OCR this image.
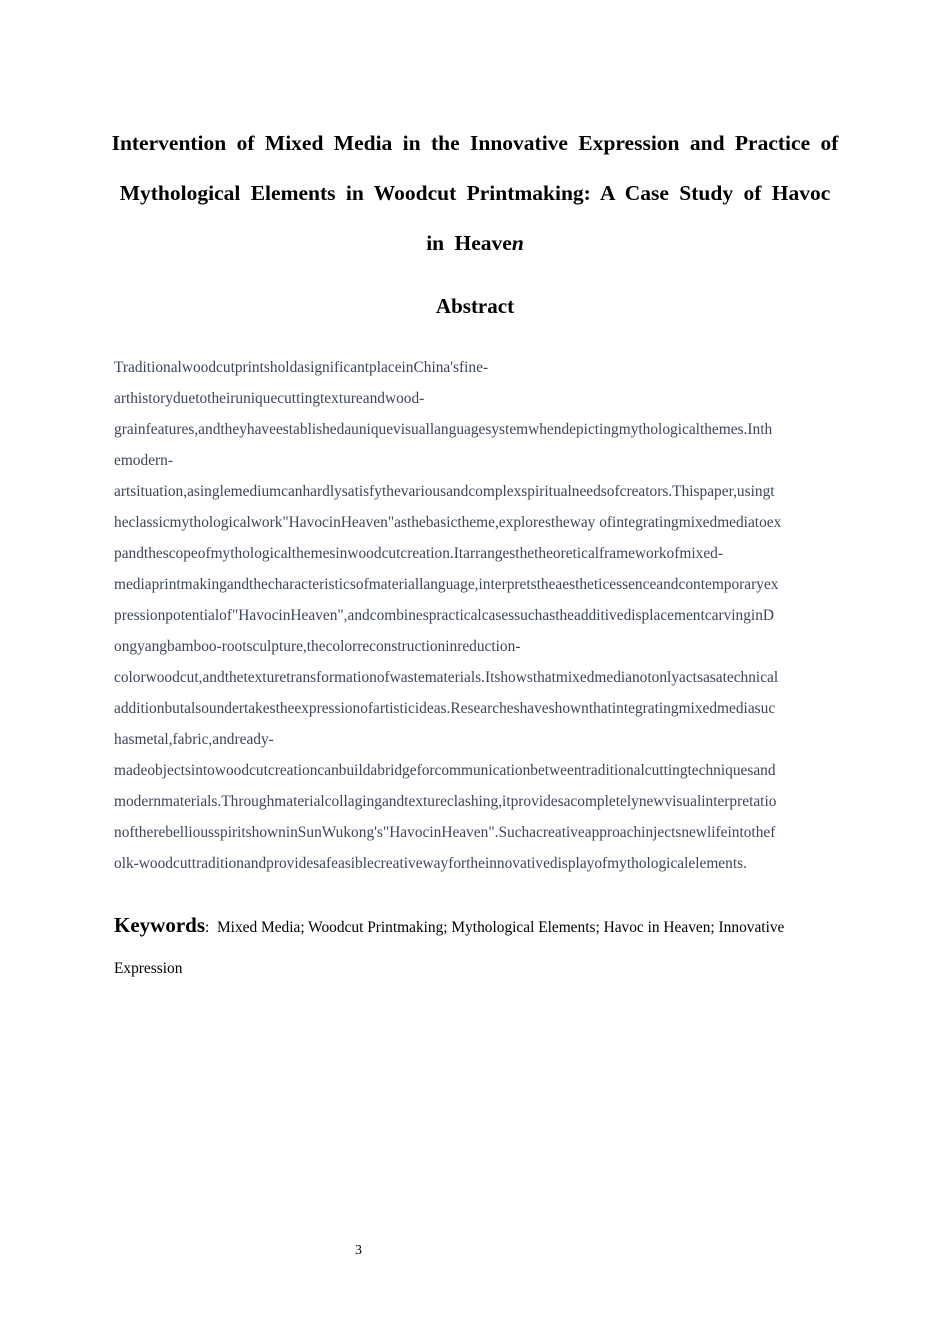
Intervention of Mixed Media in the Innovative Expression and Practice of Mythological Elements in Woodcut Printmaking: A Case Study of Havoc in Heaven
Abstract
TraditionalwoodcutprintsholdasignificantplaceinChina'sfine-
arthistoryduetotheiruniquecuttingtextureandwood-
grainfeatures,andtheyhaveestablishedauniquevisuallanguagesystemwhendepictingmythologicalthemes.Inth
emodern-
artsituation,asinglemediumcanhardlysatisfythevariousandcomplexspiritualneedsofcreators.Thispaper,usingt
heclassicmythologicalwork"HavocinHeaven"asthebasictheme,explorestheway ofintegratingmixedmediatoex
pandthescopeofmythologicalthemesinwoodcutcreation.Itarrangesthetheoreticalframeworkofmixed-
mediaprintmakingandthecharacteristicsofmateriallanguage,interpretstheaestheticessenceandcontemporaryex
pressionpotentialof"HavocinHeaven",andcombinespracticalcasessuchastheadditivedisplacementcarvinginD
ongyangbamboo-rootsculpture,thecolorreconstructioninreduction-
colorwoodcut,andthetexturetransformationofwastematerials.Itshowsthatmixedmedianotonlyactsasatechnical
additionbutalsoundertakestheexpressionofartisticideas.Researcheshaveshownthatintegratingmixedmediasuc
hasmetal,fabric,andready-
madeobjectsintowoodcutcreationcanbuildabridgeforcommunicationbetweentraditionalcuttingtechniquesand
modernmaterials.Throughmaterialcollagingandtextureclashing,itprovidesacompletelynewvisualinterpretatio
noftherebelliousspiritshowninSunWukong's"HavocinHeaven".Suchacreativeapproachinjectsnewlifeintothef
olk-woodcuttraditionandprovidesafeasiblecreativewayfortheinnovativedisplayofmythologicalelements.

Keywords: Mixed Media; Woodcut Printmaking; Mythological Elements; Havoc in Heaven; Innovative Expression

3
